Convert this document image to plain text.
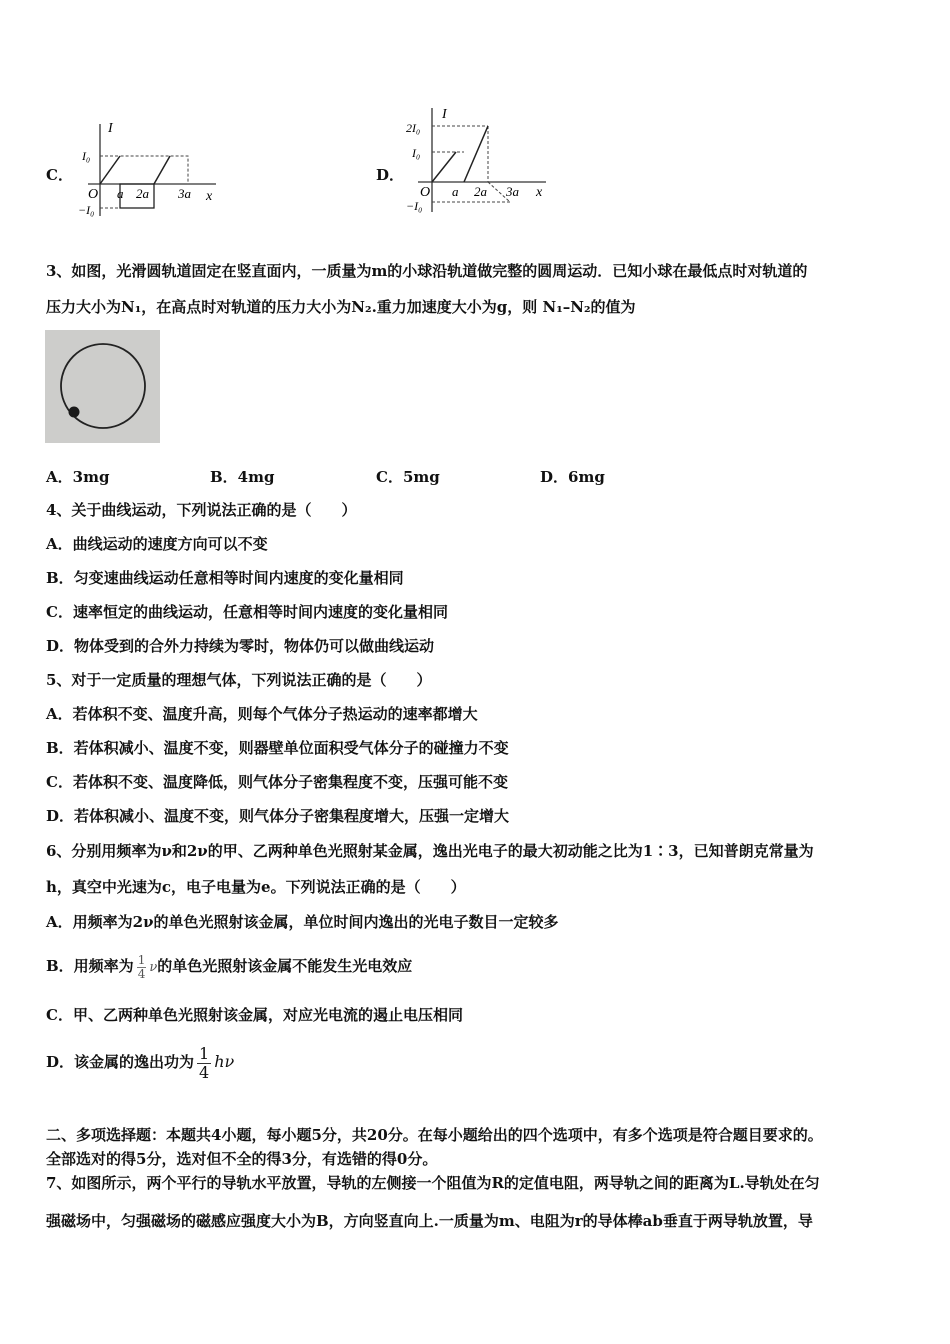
C．
I
x
O
I₀
−I₀
a 2a 3a
D．
I
x
O
2I₀
I₀
−I₀
a 2a 3a
3、如图，光滑圆轨道固定在竖直面内，一质量为m的小球沿轨道做完整的圆周运动．已知小球在最低点时对轨道的
压力大小为N₁，在高点时对轨道的压力大小为N₂.重力加速度大小为g，则 N₁–N₂的值为
A．3mg	B．4mg	C．5mg	D．6mg
4、关于曲线运动，下列说法正确的是（　　）
A．曲线运动的速度方向可以不变
B．匀变速曲线运动任意相等时间内速度的变化量相同
C．速率恒定的曲线运动，任意相等时间内速度的变化量相同
D．物体受到的合外力持续为零时，物体仍可以做曲线运动
5、对于一定质量的理想气体，下列说法正确的是（　　）
A．若体积不变、温度升高，则每个气体分子热运动的速率都增大
B．若体积减小、温度不变，则器壁单位面积受气体分子的碰撞力不变
C．若体积不变、温度降低，则气体分子密集程度不变，压强可能不变
D．若体积减小、温度不变，则气体分子密集程度增大，压强一定增大
6、分别用频率为ν和2ν的甲、乙两种单色光照射某金属，逸出光电子的最大初动能之比为1∶3，已知普朗克常量为
h，真空中光速为c，电子电量为e。下列说法正确的是（　　）
A．用频率为2ν的单色光照射该金属，单位时间内逸出的光电子数目一定较多
B．用频率为 $\frac{1}{4}$ ν的单色光照射该金属不能发生光电效应
C．甲、乙两种单色光照射该金属，对应光电流的遏止电压相同
D．该金属的逸出功为 $\frac{1}{4}$ hν
二、多项选择题：本题共4小题，每小题5分，共20分。在每小题给出的四个选项中，有多个选项是符合题目要求的。
全部选对的得5分，选对但不全的得3分，有选错的得0分。
7、如图所示，两个平行的导轨水平放置，导轨的左侧接一个阻值为R的定值电阻，两导轨之间的距离为L.导轨处在匀
强磁场中，匀强磁场的磁感应强度大小为B，方向竖直向上.一质量为m、电阻为r的导体棒ab垂直于两导轨放置，导
